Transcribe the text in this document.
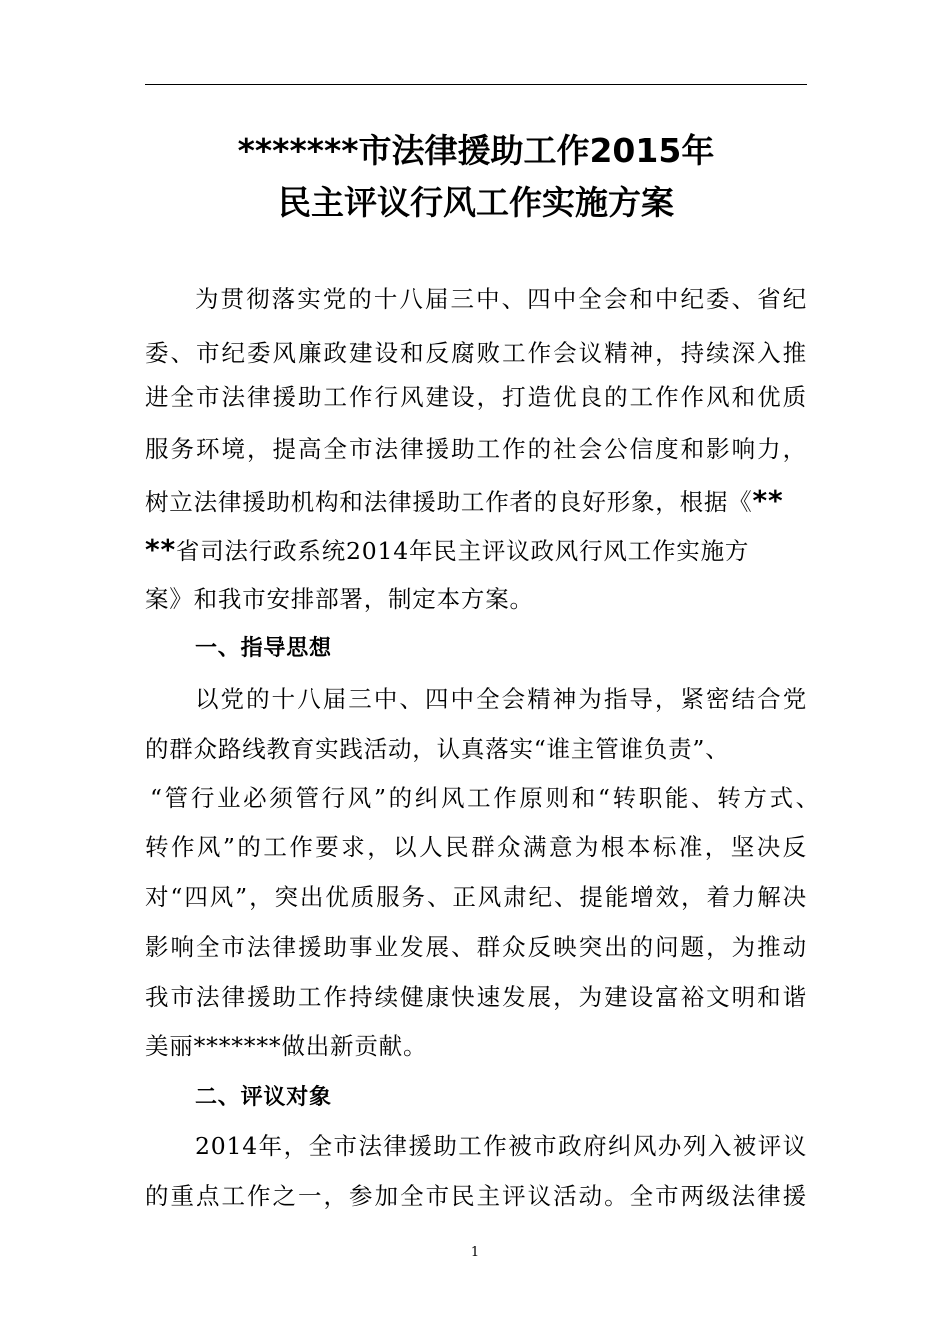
*******市法律援助工作2015年
民主评议行风工作实施方案
为贯彻落实党的十八届三中、四中全会和中纪委、省纪
委、市纪委风廉政建设和反腐败工作会议精神，持续深入推
进全市法律援助工作行风建设，打造优良的工作作风和优质
服务环境，提高全市法律援助工作的社会公信度和影响力，
树立法律援助机构和法律援助工作者的良好形象，根据《**
**省司法行政系统2014年民主评议政风行风工作实施方
案》和我市安排部署，制定本方案。
一、指导思想
以党的十八届三中、四中全会精神为指导，紧密结合党
的群众路线教育实践活动，认真落实“谁主管谁负责”、
“管行业必须管行风”的纠风工作原则和“转职能、转方式、
转作风”的工作要求，以人民群众满意为根本标准，坚决反
对“四风”，突出优质服务、正风肃纪、提能增效，着力解决
影响全市法律援助事业发展、群众反映突出的问题，为推动
我市法律援助工作持续健康快速发展，为建设富裕文明和谐
美丽*******做出新贡献。
二、评议对象
2014年，全市法律援助工作被市政府纠风办列入被评议
的重点工作之一，参加全市民主评议活动。全市两级法律援
1
